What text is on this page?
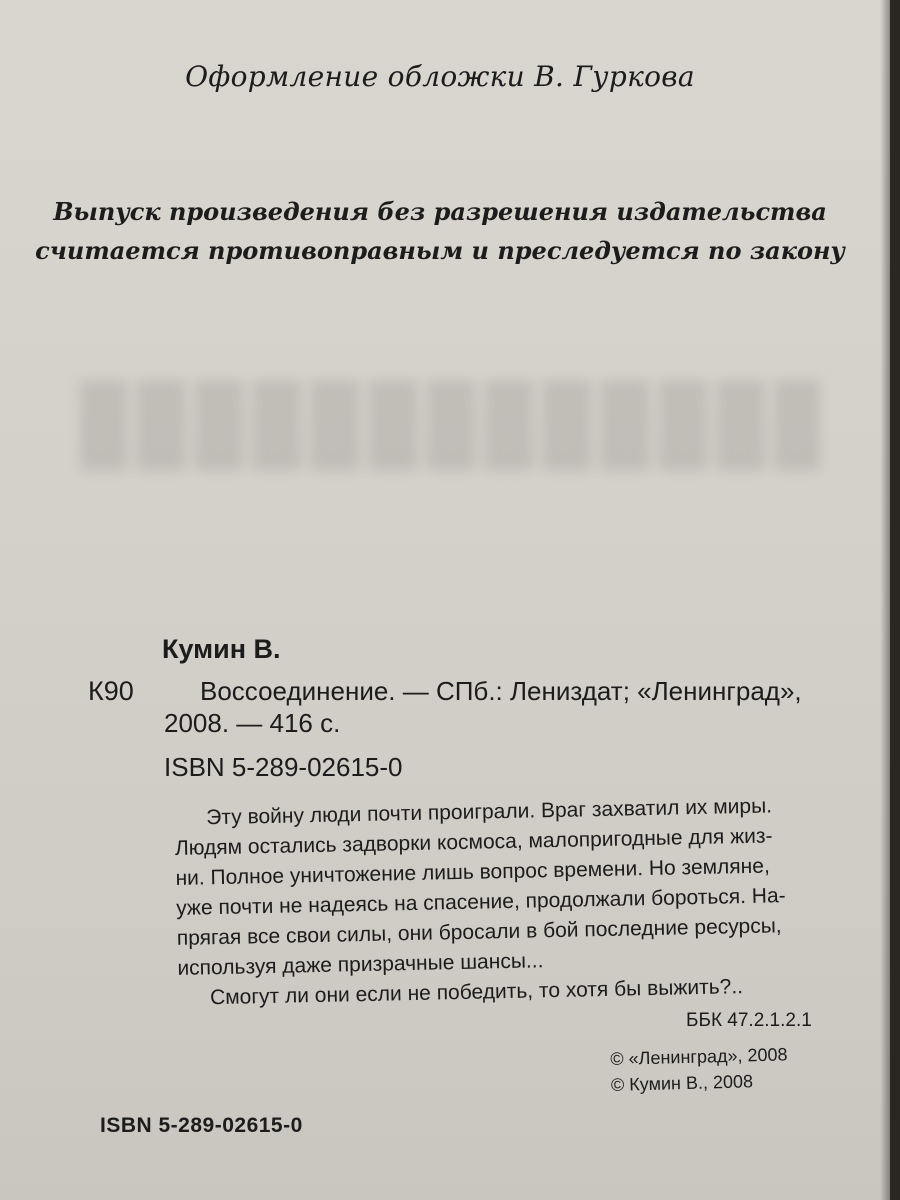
Оформление обложки В. Гуркова
Выпуск произведения без разрешения издательства
считается противоправным и преследуется по закону
Кумин В.
К90	Воссоединение. — СПб.: Лениздат; «Ленинград»,
2008. — 416 с.
ISBN 5-289-02615-0
Эту войну люди почти проиграли. Враг захватил их миры.
Людям остались задворки космоса, малопригодные для жиз-
ни. Полное уничтожение лишь вопрос времени. Но земляне,
уже почти не надеясь на спасение, продолжали бороться. На-
прягая все свои силы, они бросали в бой последние ресурсы,
используя даже призрачные шансы...
Смогут ли они если не победить, то хотя бы выжить?..
ББК 47.2.1.2.1
© «Ленинград», 2008
© Кумин В., 2008
ISBN 5-289-02615-0
